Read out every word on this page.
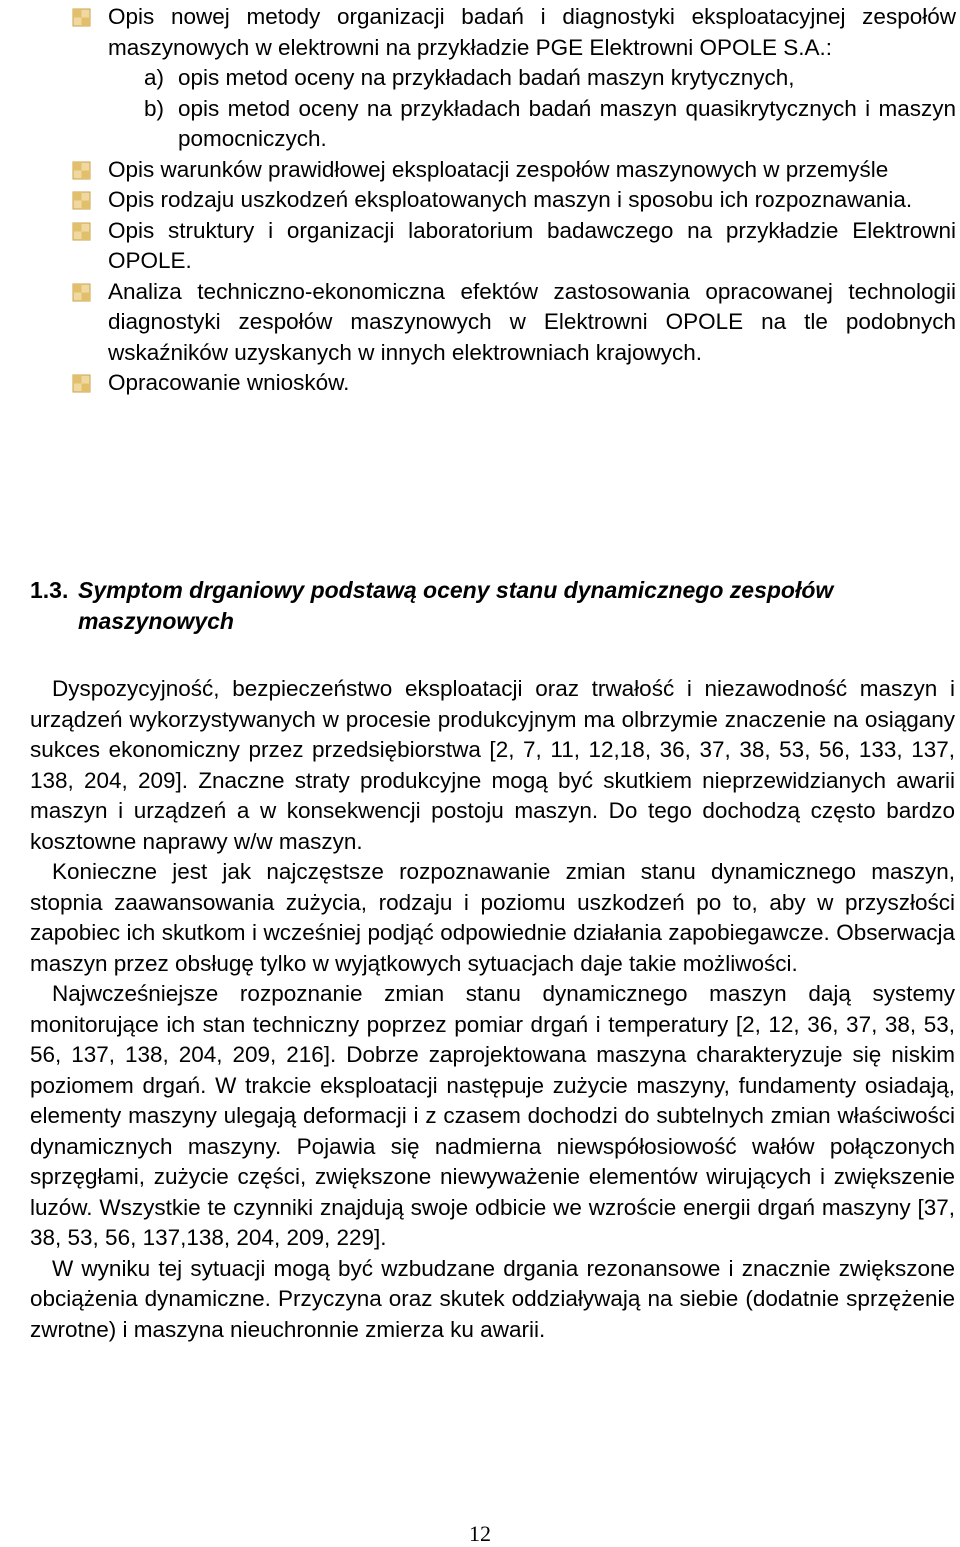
Opis nowej metody organizacji badań i diagnostyki eksploatacyjnej zespołów maszynowych w elektrowni na przykładzie PGE Elektrowni OPOLE S.A.:
a) opis metod oceny na przykładach badań maszyn krytycznych,
b) opis metod oceny na przykładach badań maszyn quasikrytycznych i maszyn pomocniczych.
Opis warunków prawidłowej eksploatacji zespołów maszynowych w przemyśle
Opis rodzaju uszkodzeń eksploatowanych maszyn i sposobu ich rozpoznawania.
Opis struktury i organizacji laboratorium badawczego na przykładzie Elektrowni OPOLE.
Analiza techniczno-ekonomiczna efektów zastosowania opracowanej technologii diagnostyki zespołów maszynowych w Elektrowni OPOLE na tle podobnych wskaźników uzyskanych w innych elektrowniach krajowych.
Opracowanie wniosków.
1.3. Symptom drganiowy podstawą oceny stanu dynamicznego zespołów maszynowych

Dyspozycyjność, bezpieczeństwo eksploatacji oraz trwałość i niezawodność maszyn i urządzeń wykorzystywanych w procesie produkcyjnym ma olbrzymie znaczenie na osiągany sukces ekonomiczny przez przedsiębiorstwa [2, 7, 11, 12,18, 36, 37, 38, 53, 56, 133, 137, 138, 204, 209]. Znaczne straty produkcyjne mogą być skutkiem nieprzewidzianych awarii maszyn i urządzeń a w konsekwencji postoju maszyn. Do tego dochodzą często bardzo kosztowne naprawy w/w maszyn.

Konieczne jest jak najczęstsze rozpoznawanie zmian stanu dynamicznego maszyn, stopnia zaawansowania zużycia, rodzaju i poziomu uszkodzeń po to, aby w przyszłości zapobiec ich skutkom i wcześniej podjąć odpowiednie działania zapobiegawcze. Obserwacja maszyn przez obsługę tylko w wyjątkowych sytuacjach daje takie możliwości.

Najwcześniejsze rozpoznanie zmian stanu dynamicznego maszyn dają systemy monitorujące ich stan techniczny poprzez pomiar drgań i temperatury [2, 12, 36, 37, 38, 53, 56, 137, 138, 204, 209, 216]. Dobrze zaprojektowana maszyna charakteryzuje się niskim poziomem drgań. W trakcie eksploatacji następuje zużycie maszyny, fundamenty osiadają, elementy maszyny ulegają deformacji i z czasem dochodzi do subtelnych zmian właściwości dynamicznych maszyny. Pojawia się nadmierna niewspółosiowość wałów połączonych sprzęgłami, zużycie części, zwiększone niewyważenie elementów wirujących i zwiększenie luzów. Wszystkie te czynniki znajdują swoje odbicie we wzroście energii drgań maszyny [37, 38, 53, 56, 137,138, 204, 209, 229].

W wyniku tej sytuacji mogą być wzbudzane drgania rezonansowe i znacznie zwiększone obciążenia dynamiczne. Przyczyna oraz skutek oddziaływają na siebie (dodatnie sprzężenie zwrotne) i maszyna nieuchronnie zmierza ku awarii.

12
